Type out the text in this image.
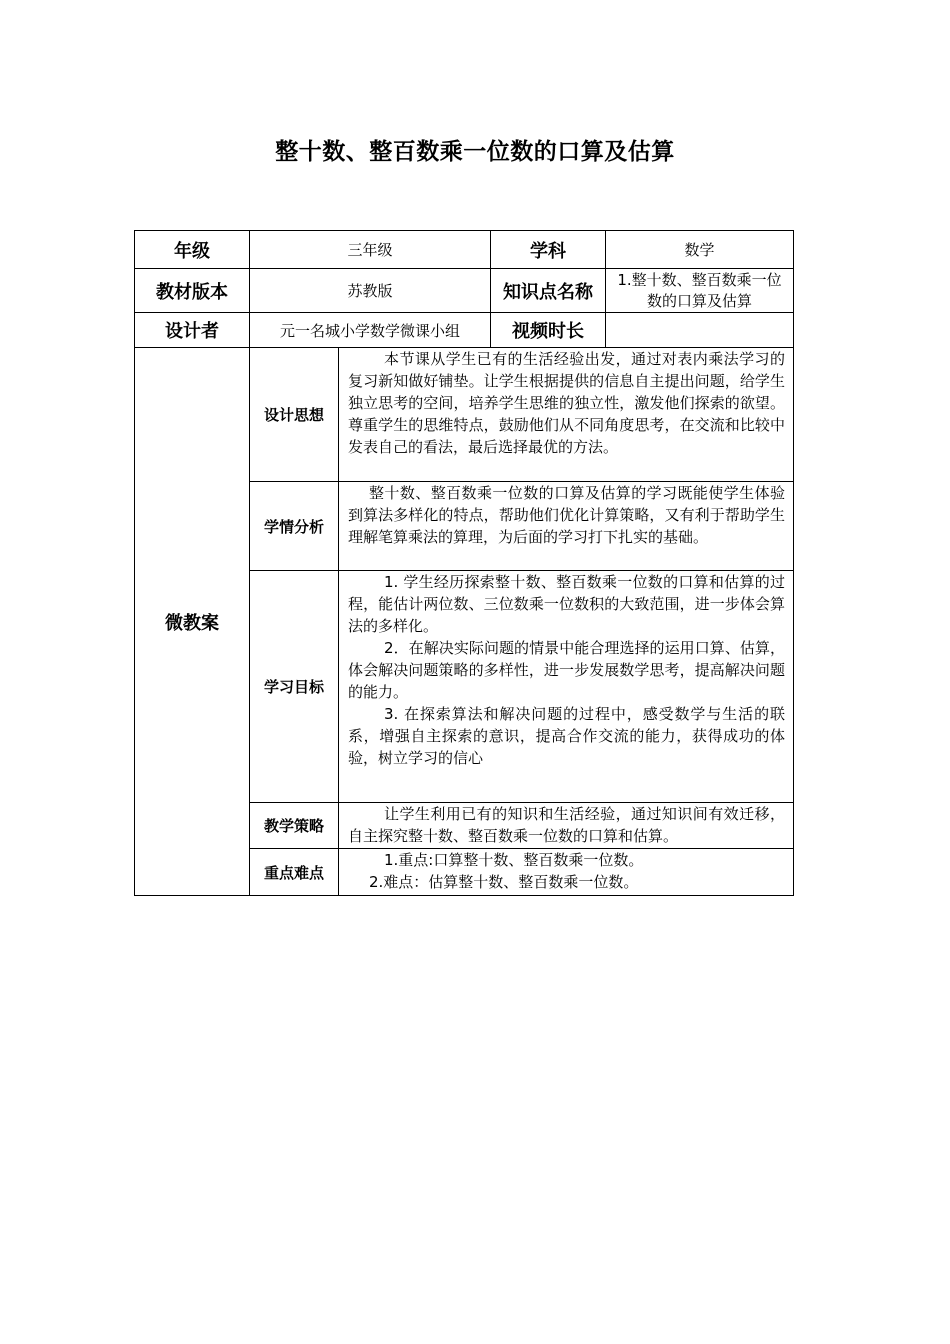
整十数、整百数乘一位数的口算及估算
年级	三年级		学科	数学
教材版本	苏教版		知识点名称	1.整十数、整百数乘一位数的口算及估算
设计者	元一名城小学数学微课小组		视频时长	
微教案	设计思想	本节课从学生已有的生活经验出发，通过对表内乘法学习的复习新知做好铺垫。让学生根据提供的信息自主提出问题，给学生独立思考的空间，培养学生思维的独立性，激发他们探索的欲望。尊重学生的思维特点，鼓励他们从不同角度思考，在交流和比较中发表自己的看法，最后选择最优的方法。		

	学情分析	整十数、整百数乘一位数的口算及估算的学习既能使学生体验到算法多样化的特点，帮助他们优化计算策略，又有利于帮助学生理解笔算乘法的算理，为后面的学习打下扎实的基础。		

	学习目标	1. 学生经历探索整十数、整百数乘一位数的口算和估算的过程，能估计两位数、三位数乘一位数积的大致范围，进一步体会算法的多样化。

2．在解决实际问题的情景中能合理选择的运用口算、估算，体会解决问题策略的多样性，进一步发展数学思考，提高解决问题的能力。

3. 在探索算法和解决问题的过程中，感受数学与生活的联系，增强自主探索的意识，提高合作交流的能力，获得成功的体验，树立学习的信心		

	教学策略	让学生利用已有的知识和生活经验，通过知识间有效迁移，自主探究整十数、整百数乘一位数的口算和估算。		

	重点难点	1.重点:口算整十数、整百数乘一位数。

2.难点：估算整十数、整百数乘一位数。		
